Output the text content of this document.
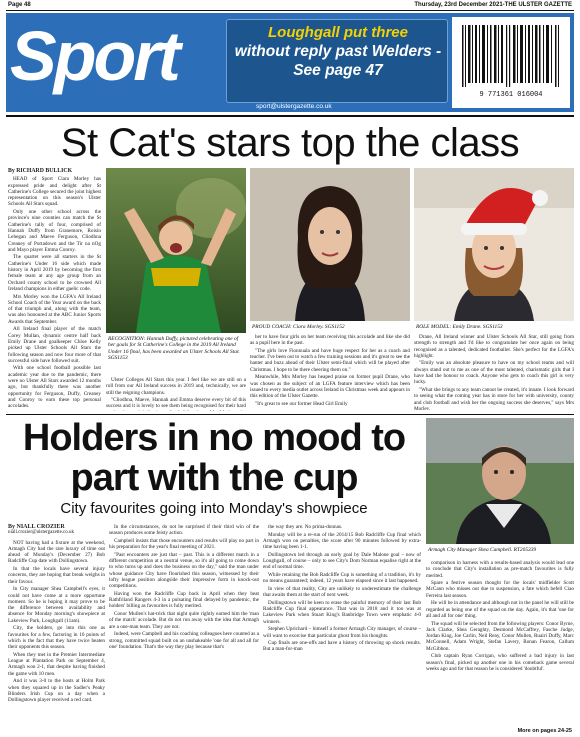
Page 48	Thursday, 23rd December 2021-THE ULSTER GAZETTE
Sport	Loughgall put three
without reply past Welders - See page 47
sport@ulstergazette.co.uk
9 771361 016004
St Cat's stars top the class
By RICHARD BULLICK

HEAD of Sport Ciara Morley has expressed pride and delight after St Catherine's College secured the joint highest representation on this season's Ulster Schools All Stars squad.

Only one other school across the province's nine counties can match the St Catherine's tally of four, comprised of Hannah Duffy from Granemore, Roisin Lehegan and Maeve Ferguson, Cliodhna Creaney of Portadown and the Tir na nOg and Mayo player Emma Conroy.

The quartet were all starters in the St Catherine's Under 16 side which made history in April 2019 by becoming the first female team at any age group from an Orchard county school to be crowned All Ireland champions in either gaelic code.

Mrs Morley won the LGFA's All Ireland School Coach of the Year award on the back of that triumph and, along with the team, was also honoured at the ABC Junior Sports Awards that September.

All Ireland final player of the match Corey Mullan, dynamic centre half back Emily Drane and goalkeeper Chloe Kelly picked up Ulster Schools All Stars the following season and now four more of that successful side have followed suit.

With one school football possible last academic year due to the pandemic, there were no Ulster All Stars awarded 12 months ago, but thankfully there was another opportunity for Ferguson, Duffy, Creaney and Conroy to earn these top personal accolades.

RECOGNITION: Hannah Duffy, pictured celebrating one of her goals for St Catherine's College in the 2019 All Ireland Under 16 final, has been awarded an Ulster Schools All Star. SGS1153

Ulster Colleges All Stars this year. I feel like we are still on a roll from our All Ireland success in 2019 and, technically, we are still the reigning champions.

"Cliodhna, Maeve, Hannah and Emma deserve every bit of this success and it is lovely to see them being recognised for their hard

PROUD COACH: Ciara Morley. SGS1152	ROLE MODEL: Emily Drane. SGS1153

her to have four girls on her team receiving this accolade and like she did as a pupil here in the past.

"The girls love Fionnuala and have huge respect for her as a coach and teacher. I've been out to watch a few training sessions and it's great to see the banter and buzz ahead of their Ulster semi-final which will be played after Christmas. I hope to be there cheering them on."

Meanwhile, Mrs Morley has heaped praise on former pupil Drane, who was chosen as the subject of an LGFA feature interview which has been issued to every media outlet across Ireland in Christmas week and appears in this edition of the Ulster Gazette.

"It's great to see our former Head Girl Emily

Drane, All Ireland winner and Ulster Schools All Star, still going from strength to strength and I'd like to congratulate her once again on being recognised as a talented, dedicated footballer. She's perfect for the LGFA's highlight.

"Emily was an absolute pleasure to have on my school teams and will always stand out to me as one of the most talented, charismatic girls that I have had the honour to coach. Anyone who gets to coach this girl is very lucky.

"What she brings to any team cannot be created, it's innate. I look forward to seeing what the coming year has in store for her with university, county and club football and wish her the ongoing success she deserves," says Mrs Morley.

Holders in no mood to part with the cup
City favourites going into Monday's showpiece
Armagh City Manager Shea Campbell. RT205339
By NIALL CROZIER
niall.crozier@ulstergazette.co.uk

NOT having had a fixture at the weekend, Armagh City had the rare luxury of time out ahead of Monday's (December 27) Bob Radcliffe Cup date with Dollingstown.

In that the locals have several injury concerns, they are hoping that break weighs in their favour.

In City manager Shea Campbell's eyes, it could not have come at a more opportune moment. So he is hoping it may prove to be the difference between availability and absence for Monday morning's showpiece at Lakeview Park, Loughgall (11am).

City, the holders, go into this one as favourites for a few, factoring in 10 points of which is the fact that they have twice beaten their opponents this season.

When they met in the Premier Intermediate League at Plantation Park on September 4, Armagh won 2-1, that despite having finished the game with 10 men.

And it was 3-0 to the hosts at Holm Park when they squared up in the Sadler's Peaky Blinders Irish Cup on a day when a Dollingstown player received a red card.

In the circumstances, do not be surprised if their third win of the season produces some feisty action.

Campbell insists that those encounters and results will play no part in his preparation for the year's final meeting of 2021.

"Past encounters are just that – past. This is a different match in a different competition at a neutral venue, so it's all going to come down to who turns up and does the business on the day," said the man under whose guidance City have flourished this season, witnessed by their lofty league position alongside their impressive form in knock-out competitions.

Having won the Radcliffe Cup back in April when they beat Rathfriland Rangers 4-3 in a pulsating final delayed by pandemic, the holders' billing as favourites is fully merited.

Conor Mullen's hat-trick that night quite rightly earned him the 'man of the match' accolade. But do not run away with the idea that Armagh are a one-man team. They are not.

Indeed, were Campbell and his coaching colleagues here counted as a strong, committed squad built on an unshakeable 'one for all and all for one' foundation. That's the way they play because that's

the way they are. No prima-donnas.

Monday will be a re-run of the 2014/15 Bob Radcliffe Cup final which Armagh won on penalties, the score after 90 minutes followed by extra-time having been 1-1.

Dollingstown led through an early goal by Dale Malone goal – now of Loughgall, of course – only to see City's Dom Norman equalise right at the end of normal time.

While retaining the Bob Radcliffe Cup is something of a tradition, it's by no means guaranteed; indeed, 12 years have elapsed since it last happened.

In view of that reality, City are unlikely to underestimate the challenge that awaits them at the start of next week.

Dollingstown will be keen to erase the painful memory of their last Bob Radcliffe Cup final appearance. That was in 2018 and it too was at Lakeview Park when Stuart King's Banbridge Town were emphatic 4-0 winners.

Stephen Uprichard – himself a former Armagh City manager, of course – will want to exorcise that particular ghost from his thoughts.

Cup finals are one-offs and have a history of throwing up shock results. But a man-for-man

comparison in harness with a results-based analysis would lead one to conclude that City's installation as pre-match favourites is fully merited.

Spare a festive season thought for the locals' midfielder Scott McCann who misses out due to suspension, a fate which befell Ciao Ferreira last season.

He will be in attendance and although not in the panel he will still be regarded as being one of the squad on the day. Again, it's that 'one for all and all for one' thing.

The squad will be selected from the following players: Conor Byrne, Jack Clarke, Shea Geraghty, Desmond McCaffrey, Fasche Judge, Jordan King, Joe Carlin, Neil Reay, Conor Mullen, Ruairi Duffy, Marc McConnell, Adam Wright, Stefan Lavery, Ronan Fearon, Callum McGibbon.

Club captain Ryan Corrigan, who suffered a bad injury in last season's final, picked up another one in his comeback game several weeks ago and for that reason he is considered 'doubtful'.

More on pages 24-25
